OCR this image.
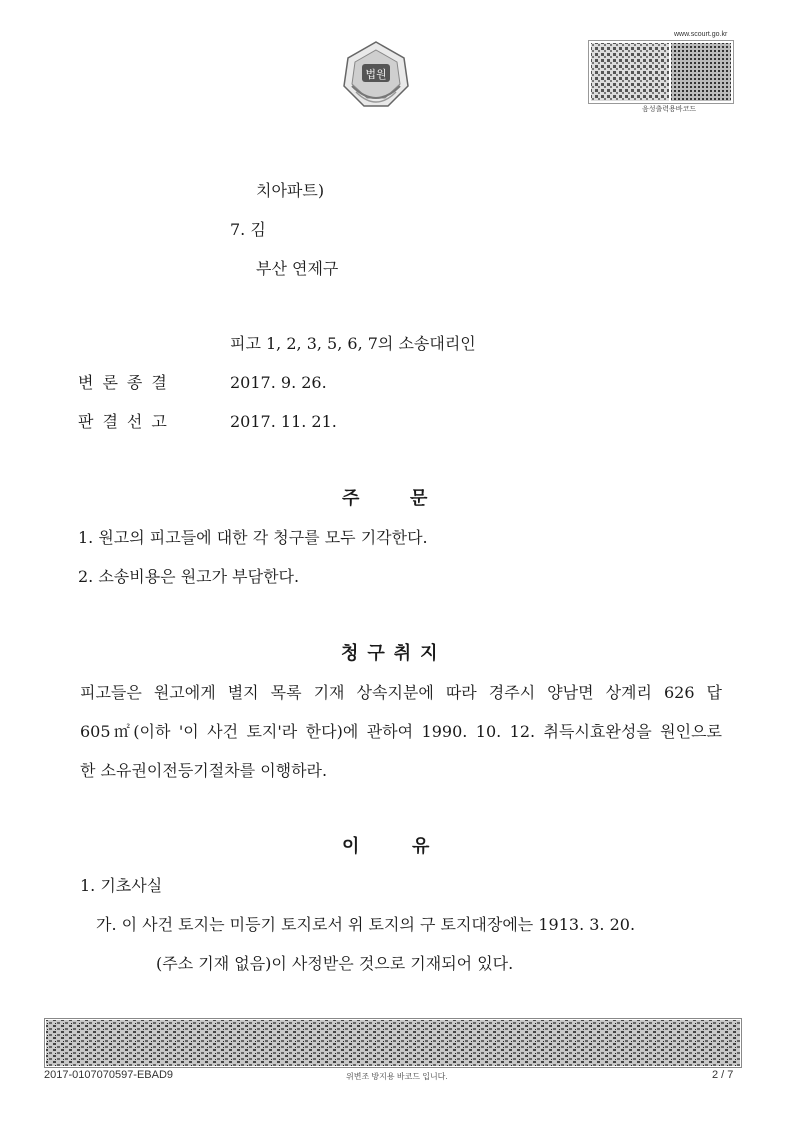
법원
www.scourt.go.kr
음성출력용바코드
치아파트)
7. 김
부산 연제구
피고 1, 2, 3, 5, 6, 7의 소송대리인
변론종결	2017. 9. 26.
판결선고	2017. 11. 21.
주	문
1. 원고의 피고들에 대한 각 청구를 모두 기각한다.
2. 소송비용은 원고가 부담한다.
청구취지
피고들은 원고에게 별지 목록 기재 상속지분에 따라 경주시 양남면 상계리 626 답
605㎡(이하 '이 사건 토지'라 한다)에 관하여 1990. 10. 12. 취득시효완성을 원인으로
한 소유권이전등기절차를 이행하라.
이	유
1. 기초사실
가. 이 사건 토지는 미등기 토지로서 위 토지의 구 토지대장에는 1913. 3. 20.
(주소 기재 없음)이 사정받은 것으로 기재되어 있다.
2017-0107070597-EBAD9	위변조 방지용 바코드 입니다.	2 / 7
